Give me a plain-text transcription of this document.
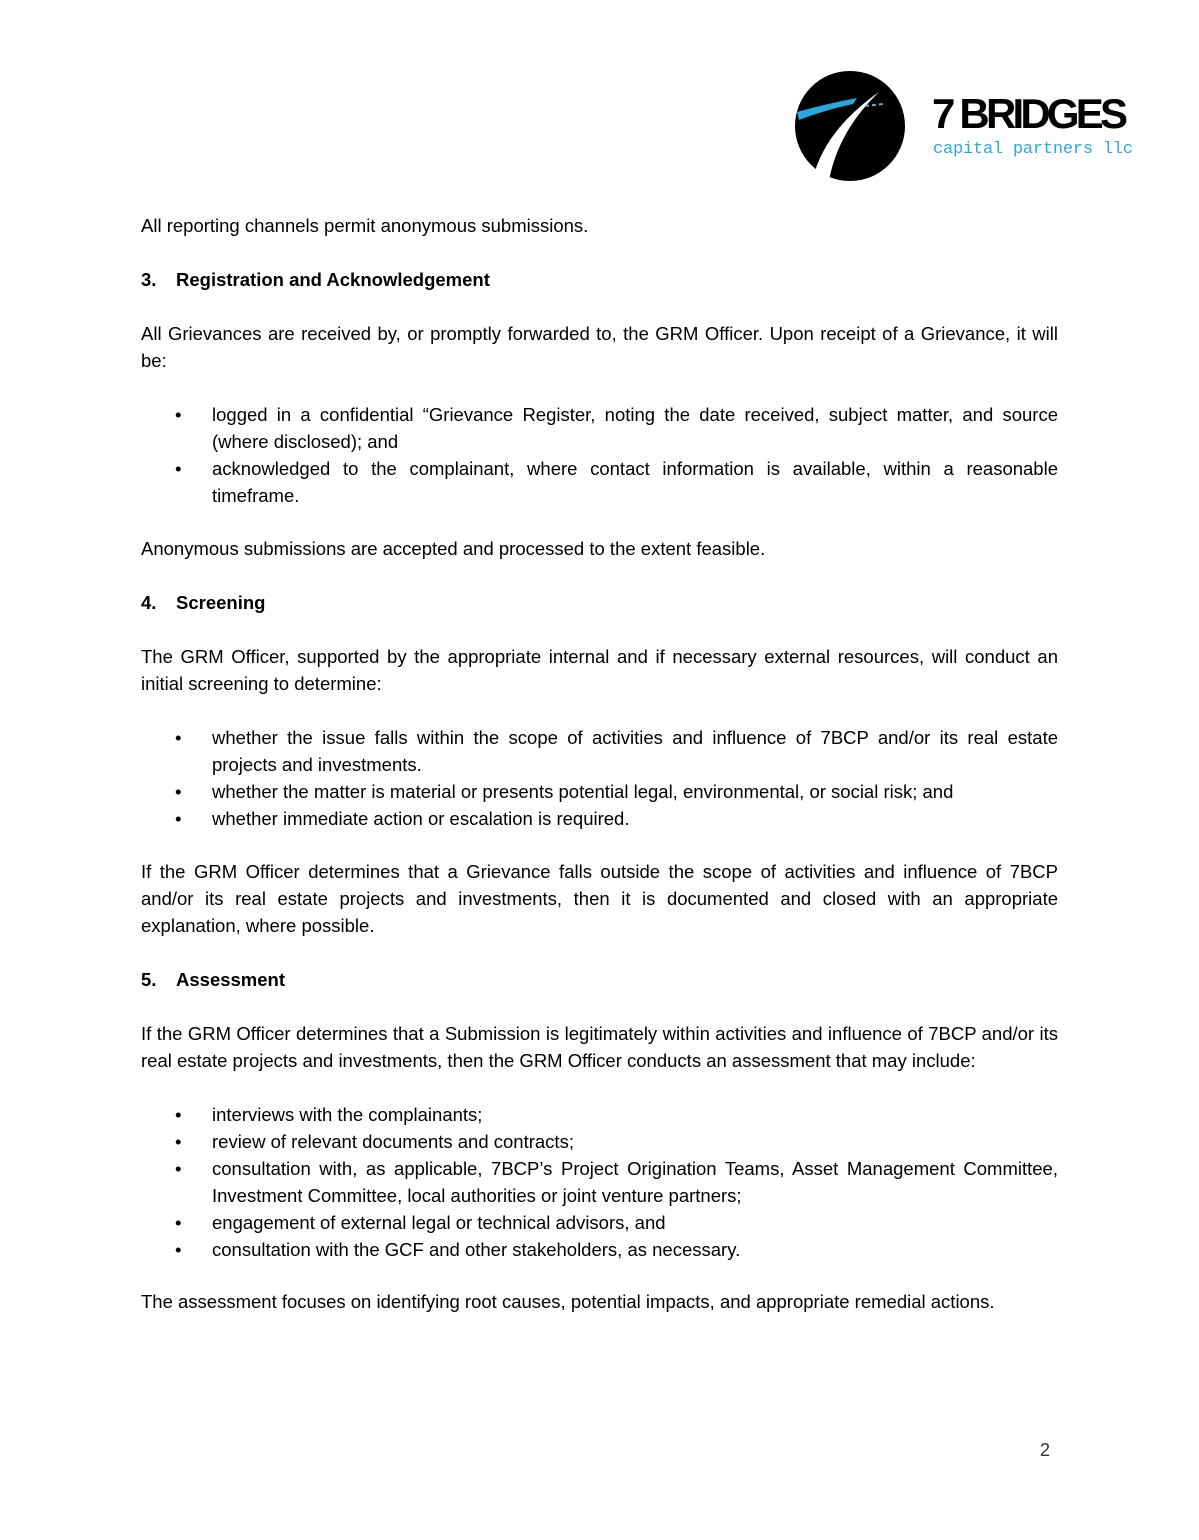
7 BRIDGES
capital partners llc
All reporting channels permit anonymous submissions.
3. Registration and Acknowledgement
All Grievances are received by, or promptly forwarded to, the GRM Officer. Upon receipt of a Grievance, it will be:
• logged in a confidential “Grievance Register, noting the date received, subject matter, and source (where disclosed); and
• acknowledged to the complainant, where contact information is available, within a reasonable timeframe.
Anonymous submissions are accepted and processed to the extent feasible.
4. Screening
The GRM Officer, supported by the appropriate internal and if necessary external resources, will conduct an initial screening to determine:
• whether the issue falls within the scope of activities and influence of 7BCP and/or its real estate projects and investments.
• whether the matter is material or presents potential legal, environmental, or social risk; and
• whether immediate action or escalation is required.
If the GRM Officer determines that a Grievance falls outside the scope of activities and influence of 7BCP and/or its real estate projects and investments, then it is documented and closed with an appropriate explanation, where possible.
5. Assessment
If the GRM Officer determines that a Submission is legitimately within activities and influence of 7BCP and/or its real estate projects and investments, then the GRM Officer conducts an assessment that may include:
• interviews with the complainants;
• review of relevant documents and contracts;
• consultation with, as applicable, 7BCP’s Project Origination Teams, Asset Management Committee, Investment Committee, local authorities or joint venture partners;
• engagement of external legal or technical advisors, and
• consultation with the GCF and other stakeholders, as necessary.
The assessment focuses on identifying root causes, potential impacts, and appropriate remedial actions.
2
